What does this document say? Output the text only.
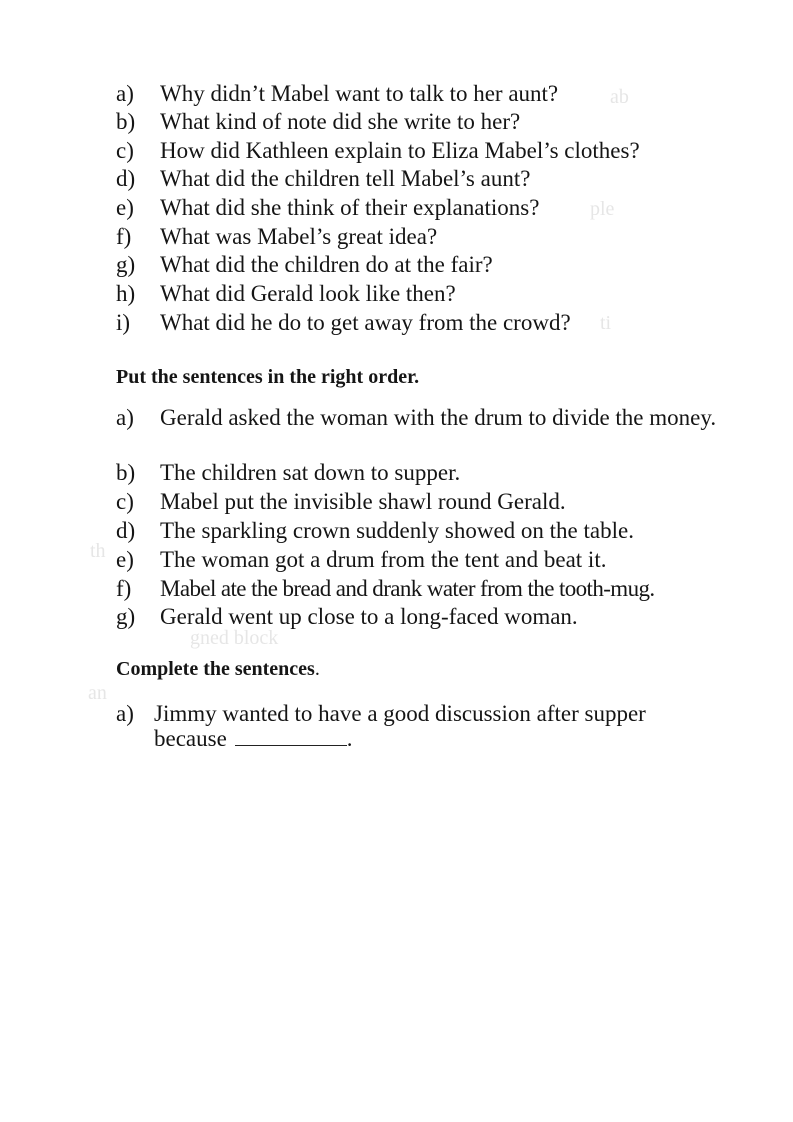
ab
ple
ti
th
gned block
an
a) Why didn’t Mabel want to talk to her aunt?
b) What kind of note did she write to her?
c) How did Kathleen explain to Eliza Mabel’s clothes?
d) What did the children tell Mabel’s aunt?
e) What did she think of their explanations?
f) What was Mabel’s great idea?
g) What did the children do at the fair?
h) What did Gerald look like then?
i) What did he do to get away from the crowd?
Put the sentences in the right order.
a) Gerald asked the woman with the drum to divide the money.
b) The children sat down to supper.
c) Mabel put the invisible shawl round Gerald.
d) The sparkling crown suddenly showed on the table.
e) The woman got a drum from the tent and beat it.
f) Mabel ate the bread and drank water from the tooth-mug.
g) Gerald went up close to a long-faced woman.
Complete the sentences.
a) Jimmy wanted to have a good discussion after supper
because	.
